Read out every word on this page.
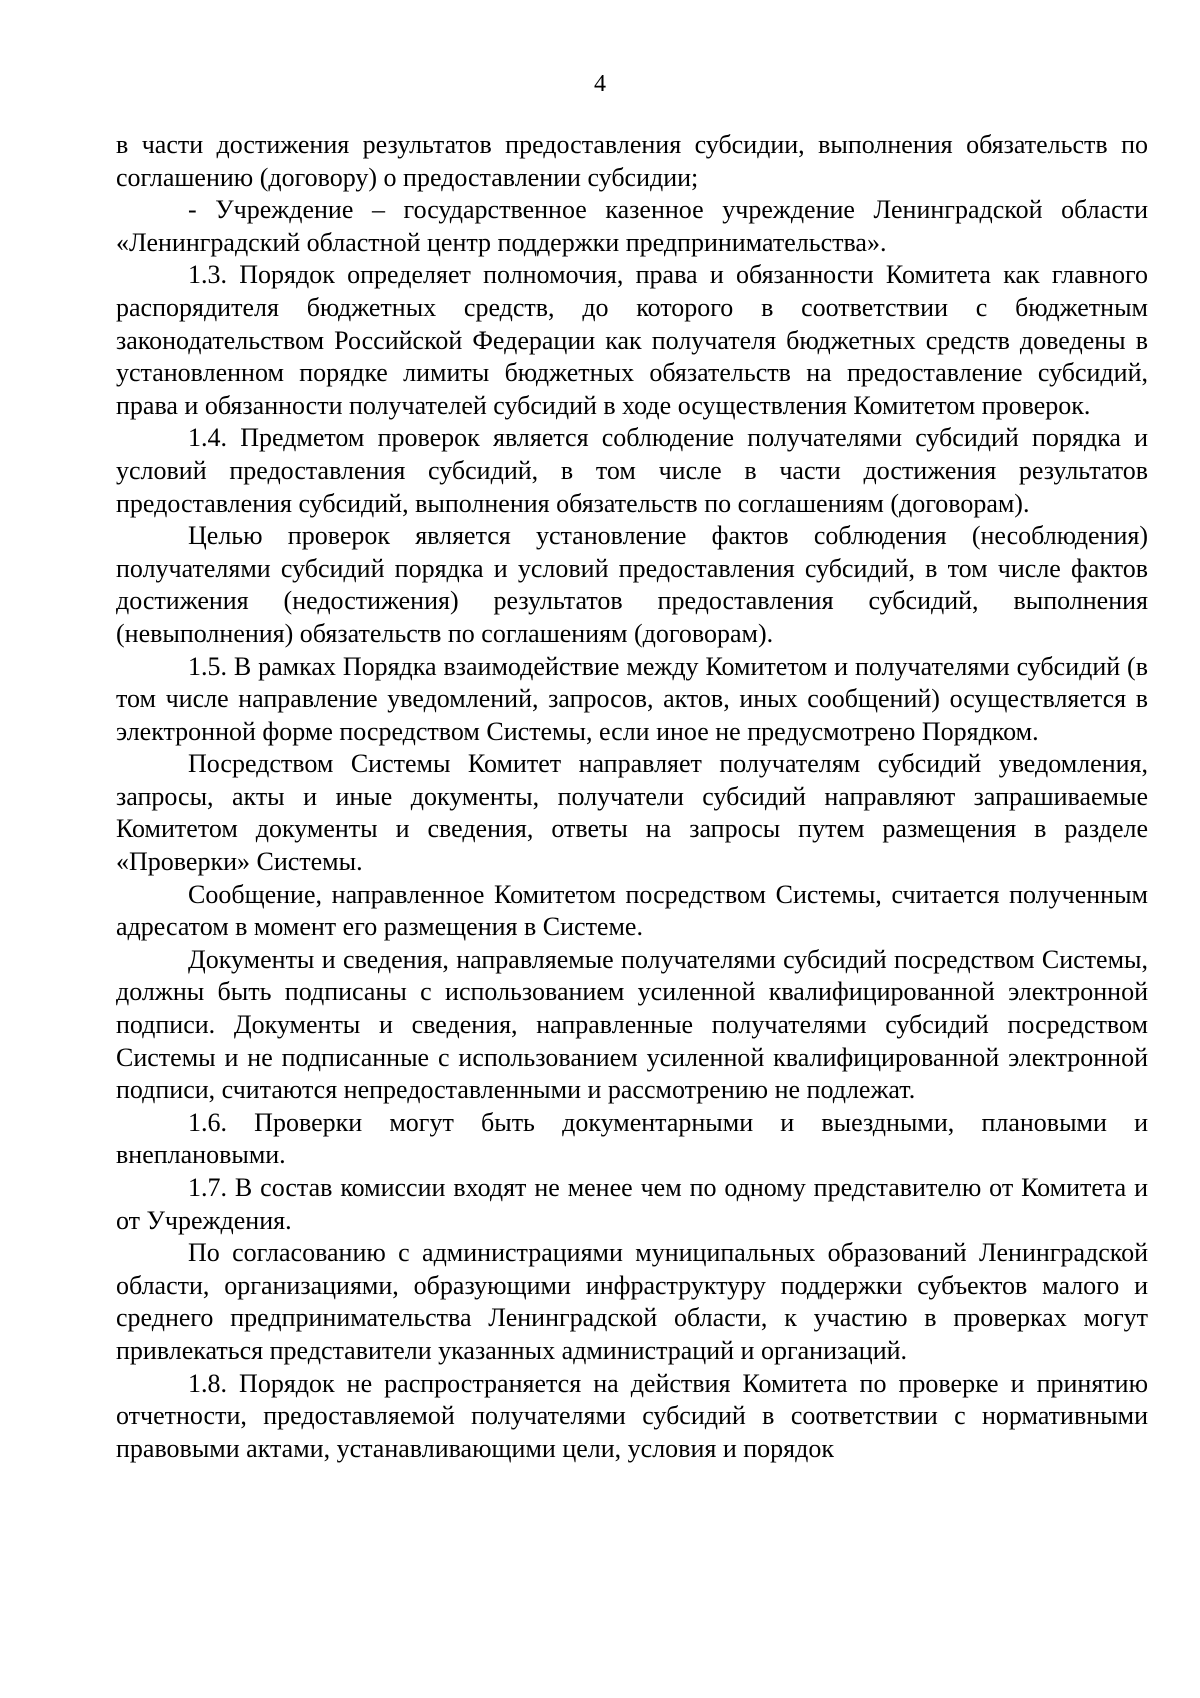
4

в части достижения результатов предоставления субсидии, выполнения обязательств по соглашению (договору) о предоставлении субсидии;

- Учреждение – государственное казенное учреждение Ленинградской области «Ленинградский областной центр поддержки предпринимательства».

1.3. Порядок определяет полномочия, права и обязанности Комитета как главного распорядителя бюджетных средств, до которого в соответствии с бюджетным законодательством Российской Федерации как получателя бюджетных средств доведены в установленном порядке лимиты бюджетных обязательств на предоставление субсидий, права и обязанности получателей субсидий в ходе осуществления Комитетом проверок.

1.4. Предметом проверок является соблюдение получателями субсидий порядка и условий предоставления субсидий, в том числе в части достижения результатов предоставления субсидий, выполнения обязательств по соглашениям (договорам).

Целью проверок является установление фактов соблюдения (несоблюдения) получателями субсидий порядка и условий предоставления субсидий, в том числе фактов достижения (недостижения) результатов предоставления субсидий, выполнения (невыполнения) обязательств по соглашениям (договорам).

1.5. В рамках Порядка взаимодействие между Комитетом и получателями субсидий (в том числе направление уведомлений, запросов, актов, иных сообщений) осуществляется в электронной форме посредством Системы, если иное не предусмотрено Порядком.

Посредством Системы Комитет направляет получателям субсидий уведомления, запросы, акты и иные документы, получатели субсидий направляют запрашиваемые Комитетом документы и сведения, ответы на запросы путем размещения в разделе «Проверки» Системы.

Сообщение, направленное Комитетом посредством Системы, считается полученным адресатом в момент его размещения в Системе.

Документы и сведения, направляемые получателями субсидий посредством Системы, должны быть подписаны с использованием усиленной квалифицированной электронной подписи. Документы и сведения, направленные получателями субсидий посредством Системы и не подписанные с использованием усиленной квалифицированной электронной подписи, считаются непредоставленными и рассмотрению не подлежат.

1.6. Проверки могут быть документарными и выездными, плановыми и внеплановыми.

1.7. В состав комиссии входят не менее чем по одному представителю от Комитета и от Учреждения.

По согласованию с администрациями муниципальных образований Ленинградской области, организациями, образующими инфраструктуру поддержки субъектов малого и среднего предпринимательства Ленинградской области, к участию в проверках могут привлекаться представители указанных администраций и организаций.

1.8. Порядок не распространяется на действия Комитета по проверке и принятию отчетности, предоставляемой получателями субсидий в соответствии с нормативными правовыми актами, устанавливающими цели, условия и порядок
